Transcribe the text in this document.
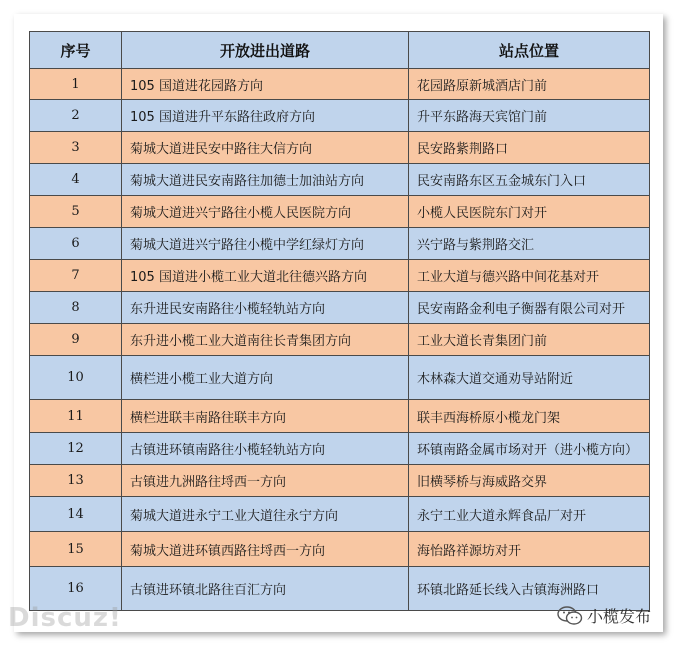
序号	开放进出道路	站点位置
1	105 国道进花园路方向	花园路原新城酒店门前
2	105 国道进升平东路往政府方向	升平东路海天宾馆门前
3	菊城大道进民安中路往大信方向	民安路紫荆路口
4	菊城大道进民安南路往加德士加油站方向	民安南路东区五金城东门入口
5	菊城大道进兴宁路往小榄人民医院方向	小榄人民医院东门对开
6	菊城大道进兴宁路往小榄中学红绿灯方向	兴宁路与紫荆路交汇
7	105 国道进小榄工业大道北往德兴路方向	工业大道与德兴路中间花基对开
8	东升进民安南路往小榄轻轨站方向	民安南路金利电子衡器有限公司对开
9	东升进小榄工业大道南往长青集团方向	工业大道长青集团门前
10	横栏进小榄工业大道方向	木林森大道交通劝导站附近
11	横栏进联丰南路往联丰方向	联丰西海桥原小榄龙门架
12	古镇进环镇南路往小榄轻轨站方向	环镇南路金属市场对开（进小榄方向）
13	古镇进九洲路往埒西一方向	旧横琴桥与海威路交界
14	菊城大道进永宁工业大道往永宁方向	永宁工业大道永辉食品厂对开
15	菊城大道进环镇西路往埒西一方向	海怡路祥源坊对开
16	古镇进环镇北路往百汇方向	环镇北路延长线入古镇海洲路口
Discuz!	小榄发布
